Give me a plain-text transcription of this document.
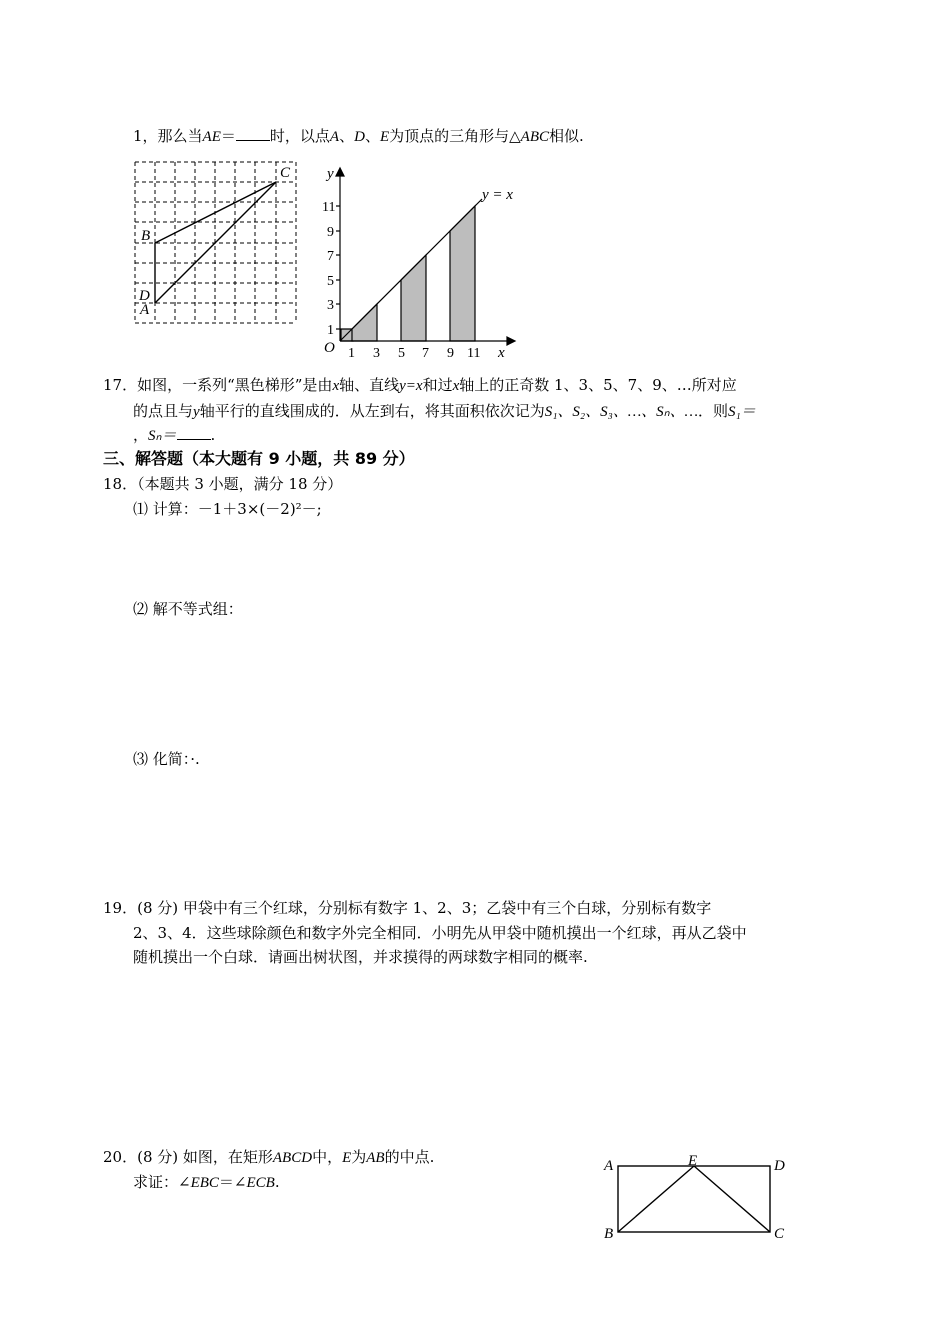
1，那么当AE＝ 时，以点A、D、E为顶点的三角形与△ABC相似.
C
B
D
A
y
x
O
y = x
11
9
7
5
3
1
1 3 5 7 9 11
17．如图，一系列“黑色梯形”是由x轴、直线y=x和过x轴上的正奇数 1、3、5、7、9、…所对应
的点且与y轴平行的直线围成的．从左到右，将其面积依次记为S₁、S₂、S₃、…、Sₙ、…．则S₁＝
，Sₙ＝ .
三、解答题（本大题有 9 小题，共 89 分）
18．（本题共 3 小题，满分 18 分）
⑴ 计算：－1＋3×(－2)²－;
⑵ 解不等式组：
⑶ 化简：·.
19．(8 分) 甲袋中有三个红球，分别标有数字 1、2、3；乙袋中有三个白球，分别标有数字
2、3、4．这些球除颜色和数字外完全相同．小明先从甲袋中随机摸出一个红球，再从乙袋中
随机摸出一个白球．请画出树状图，并求摸得的两球数字相同的概率.
20．(8 分) 如图，在矩形ABCD中，E为AB的中点.
求证：∠EBC＝∠ECB.
A	E	D
B	C
